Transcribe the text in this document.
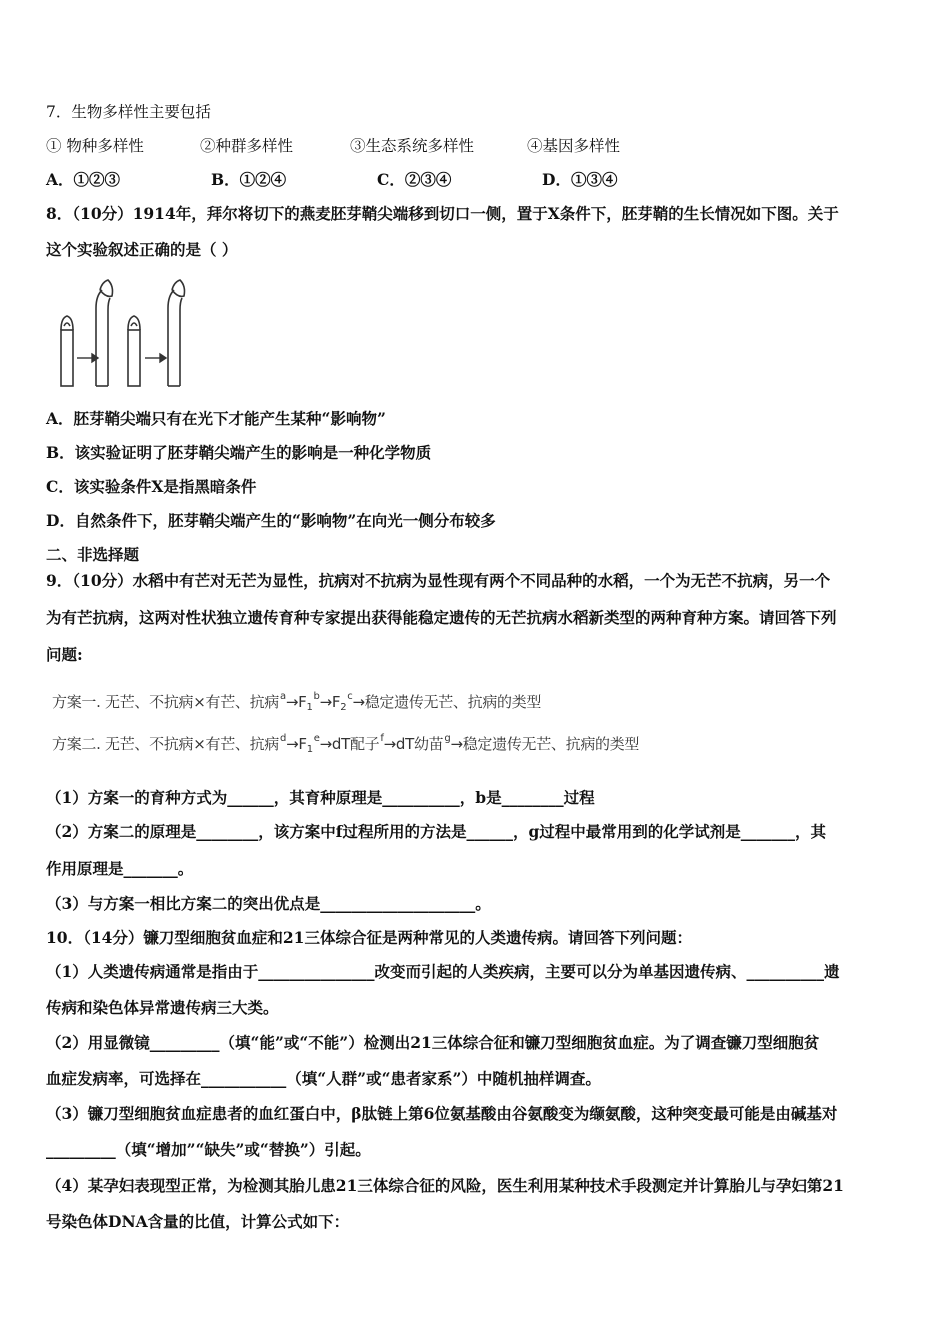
7．生物多样性主要包括
① 物种多样性	②种群多样性	③生态系统多样性	④基因多样性
A．①②③	B．①②④	C．②③④	D．①③④
8．（10分）1914年，拜尔将切下的燕麦胚芽鞘尖端移到切口一侧，置于X条件下，胚芽鞘的生长情况如下图。关于
这个实验叙述正确的是（ ）
A．胚芽鞘尖端只有在光下才能产生某种“影响物”
B．该实验证明了胚芽鞘尖端产生的影响是一种化学物质
C．该实验条件X是指黑暗条件
D．自然条件下，胚芽鞘尖端产生的“影响物”在向光一侧分布较多
二、非选择题
9．（10分）水稻中有芒对无芒为显性，抗病对不抗病为显性现有两个不同品种的水稻，一个为无芒不抗病，另一个
为有芒抗病，这两对性状独立遗传育种专家提出获得能稳定遗传的无芒抗病水稻新类型的两种育种方案。请回答下列
问题:
方案一. 无芒、不抗病×有芒、抗病$^a\to F_1^b\to F_2^c\to$稳定遗传无芒、抗病的类型
方案二. 无芒、不抗病×有芒、抗病$^d\to F_1^e\to dT$配子$^f$→dT幼苗$^g$→稳定遗传无芒、抗病的类型
（1）方案一的育种方式为______，其育种原理是__________，b是________过程
（2）方案二的原理是________，该方案中f过程所用的方法是______，g过程中最常用到的化学试剂是_______，其
作用原理是_______。
（3）与方案一相比方案二的突出优点是____________________。
10．（14分）镰刀型细胞贫血症和21三体综合征是两种常见的人类遗传病。请回答下列问题：
（1）人类遗传病通常是指由于_______________改变而引起的人类疾病，主要可以分为单基因遗传病、__________遗
传病和染色体异常遗传病三大类。
（2）用显微镜_________（填“能”或“不能”）检测出21三体综合征和镰刀型细胞贫血症。为了调查镰刀型细胞贫
血症发病率，可选择在___________（填“人群”或“患者家系”）中随机抽样调查。
（3）镰刀型细胞贫血症患者的血红蛋白中，β肽链上第6位氨基酸由谷氨酸变为缬氨酸，这种突变最可能是由碱基对
_________（填“增加”“缺失”或“替换”）引起。
（4）某孕妇表现型正常，为检测其胎儿患21三体综合征的风险，医生利用某种技术手段测定并计算胎儿与孕妇第21
号染色体DNA含量的比值，计算公式如下：
